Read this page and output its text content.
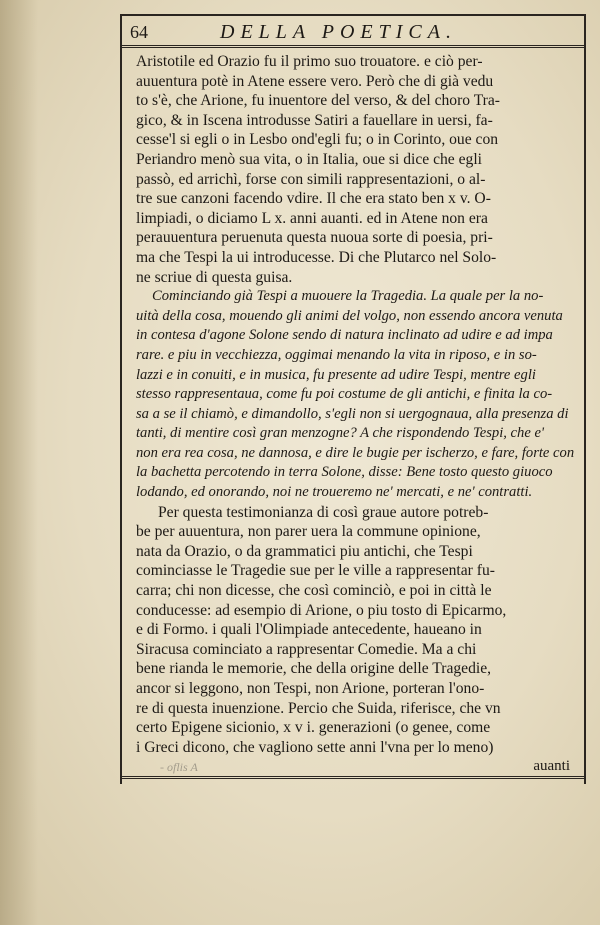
64	DELLA POETICA.
Aristotile ed Orazio fu il primo suo trouatore. e ciò per-
auuentura potè in Atene essere vero. Però che di già vedu
to s'è, che Arione, fu inuentore del verso, & del choro Tra-
gico, & in Iscena introdusse Satiri a fauellare in uersi, fa-
cesse'l si egli o in Lesbo ond'egli fu; o in Corinto, oue con
Periandro menò sua vita, o in Italia, oue si dice che egli
passò, ed arrichì, forse con simili rappresentazioni, o al-
tre sue canzoni facendo vdire. Il che era stato ben x v. O-
limpiadi, o diciamo L x. anni auanti. ed in Atene non era
perauuentura peruenuta questa nuoua sorte di poesia, pri-
ma che Tespi la ui introducesse. Di che Plutarco nel Solo-
ne scriue di questa guisa.
Cominciando già Tespi a muouere la Tragedia. La quale per la no-
uità della cosa, mouendo gli animi del volgo, non essendo ancora venuta
in contesa d'agone Solone sendo di natura inclinato ad udire e ad impa
rare. e piu in vecchiezza, oggimai menando la vita in riposo, e in so-
lazzi e in conuiti, e in musica, fu presente ad udire Tespi, mentre egli
stesso rappresentaua, come fu poi costume de gli antichi, e finita la co-
sa a se il chiamò, e dimandollo, s'egli non si uergognaua, alla presenza di
tanti, di mentire così gran menzogne? A che rispondendo Tespi, che e'
non era rea cosa, ne dannosa, e dire le bugie per ischerzo, e fare, forte con
la bachetta percotendo in terra Solone, disse: Bene tosto questo giuoco
lodando, ed onorando, noi ne troueremo ne' mercati, e ne' contratti.
Per questa testimonianza di così graue autore potreb-
be per auuentura, non parer uera la commune opinione,
nata da Orazio, o da grammatici piu antichi, che Tespi
cominciasse le Tragedie sue per le ville a rappresentar fu-
carra; chi non dicesse, che così cominciò, e poi in città le
conducesse: ad esempio di Arione, o piu tosto di Epicarmo,
e di Formo. i quali l'Olimpiade antecedente, haueano in
Siracusa cominciato a rappresentar Comedie. Ma a chi
bene rianda le memorie, che della origine delle Tragedie,
ancor si leggono, non Tespi, non Arione, porteran l'ono-
re di questa inuenzione. Percio che Suida, riferisce, che vn
certo Epigene sicionio, x v i. generazioni (o genee, come
i Greci dicono, che vagliono sette anni l'vna per lo meno)
- oflis A	auanti
